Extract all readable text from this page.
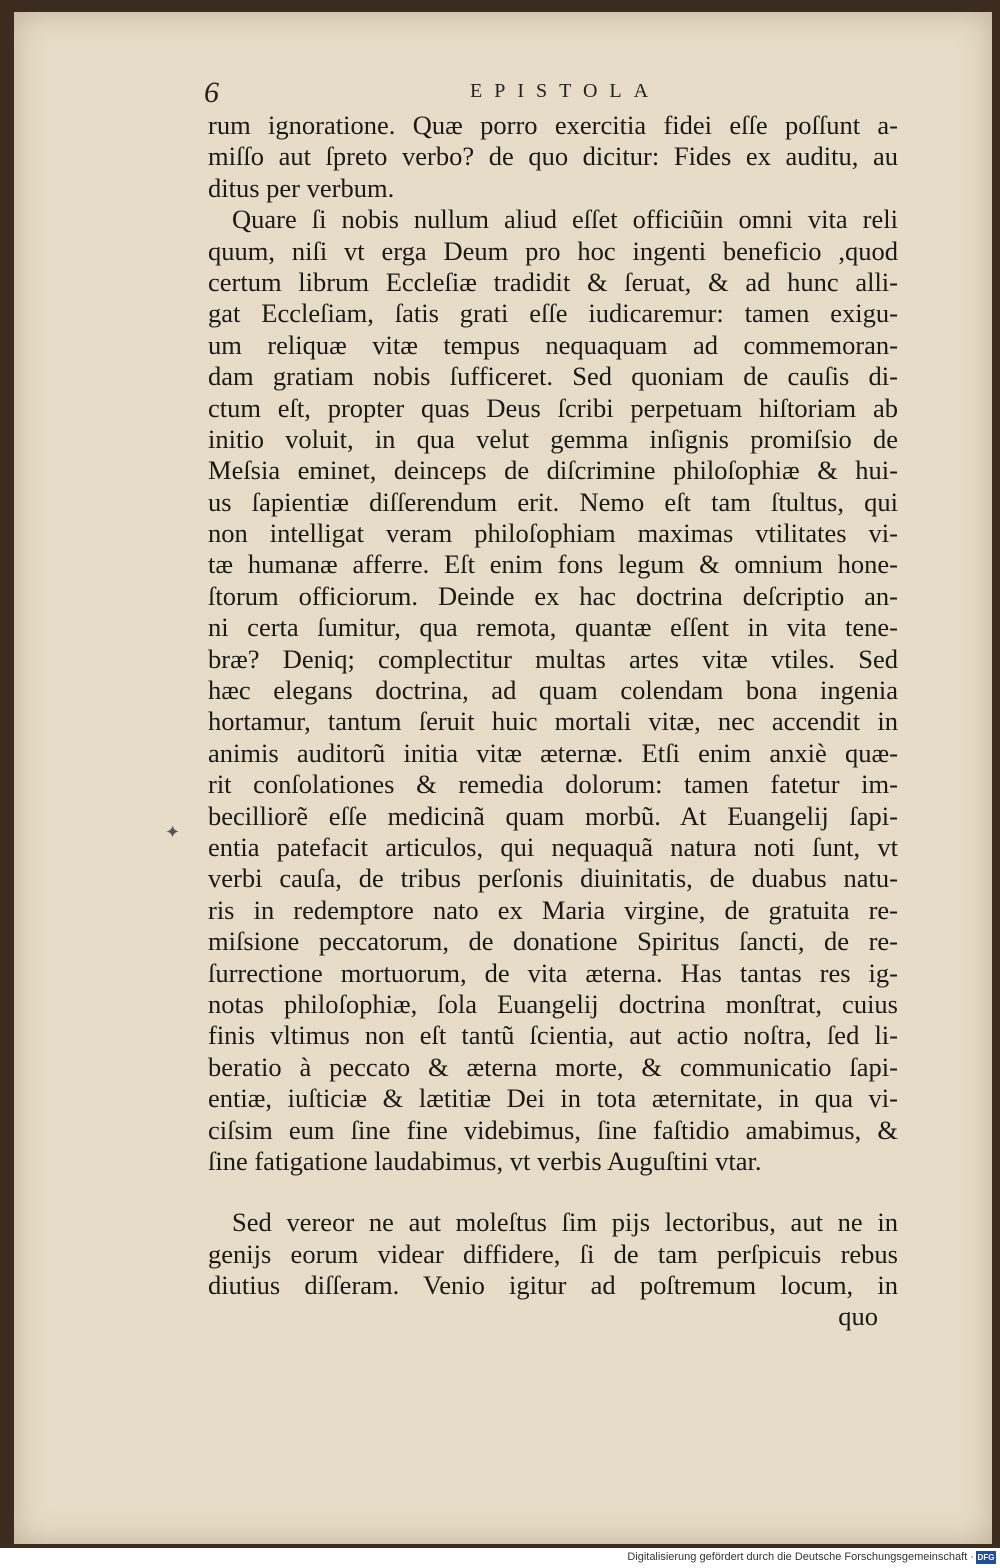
6	EPISTOLA
✦
rum ignoratione. Quæ porro exercitia fidei eſſe poſſunt a-
miſſo aut ſpreto verbo? de quo dicitur: Fides ex auditu, au
ditus per verbum.
Quare ſi nobis nullum aliud eſſet officiũin omni vita reli
quum, niſi vt erga Deum pro hoc ingenti beneficio ,quod
certum librum Eccleſiæ tradidit & ſeruat, & ad hunc alli-
gat Eccleſiam, ſatis grati eſſe iudicaremur: tamen exigu-
um reliquæ vitæ tempus nequaquam ad commemoran-
dam gratiam nobis ſufficeret. Sed quoniam de cauſis di-
ctum eſt, propter quas Deus ſcribi perpetuam hiſtoriam ab
initio voluit, in qua velut gemma inſignis promiſsio de
Meſsia eminet, deinceps de diſcrimine philoſophiæ & hui-
us ſapientiæ diſſerendum erit. Nemo eſt tam ſtultus, qui
non intelligat veram philoſophiam maximas vtilitates vi-
tæ humanæ afferre. Eſt enim fons legum & omnium hone-
ſtorum officiorum. Deinde ex hac doctrina deſcriptio an-
ni certa ſumitur, qua remota, quantæ eſſent in vita tene-
bræ? Deniq; complectitur multas artes vitæ vtiles. Sed
hæc elegans doctrina, ad quam colendam bona ingenia
hortamur, tantum ſeruit huic mortali vitæ, nec accendit in
animis auditorũ initia vitæ æternæ. Etſi enim anxiè quæ-
rit conſolationes & remedia dolorum: tamen fatetur im-
becilliorẽ eſſe medicinã quam morbũ. At Euangelij ſapi-
entia patefacit articulos, qui nequaquã natura noti ſunt, vt
verbi cauſa, de tribus perſonis diuinitatis, de duabus natu-
ris in redemptore nato ex Maria virgine, de gratuita re-
miſsione peccatorum, de donatione Spiritus ſancti, de re-
ſurrectione mortuorum, de vita æterna. Has tantas res ig-
notas philoſophiæ, ſola Euangelij doctrina monſtrat, cuius
finis vltimus non eſt tantũ ſcientia, aut actio noſtra, ſed li-
beratio à peccato & æterna morte, & communicatio ſapi-
entiæ, iuſticiæ & lætitiæ Dei in tota æternitate, in qua vi-
ciſsim eum ſine fine videbimus, ſine faſtidio amabimus, &
ſine fatigatione laudabimus, vt verbis Auguſtini vtar.
Sed vereor ne aut moleſtus ſim pijs lectoribus, aut ne in
genijs eorum videar diffidere, ſi de tam perſpicuis rebus
diutius diſſeram. Venio igitur ad poſtremum locum, in
quo
Digitalisierung gefördert durch die Deutsche Forschungsgemeinschaft · DFG
